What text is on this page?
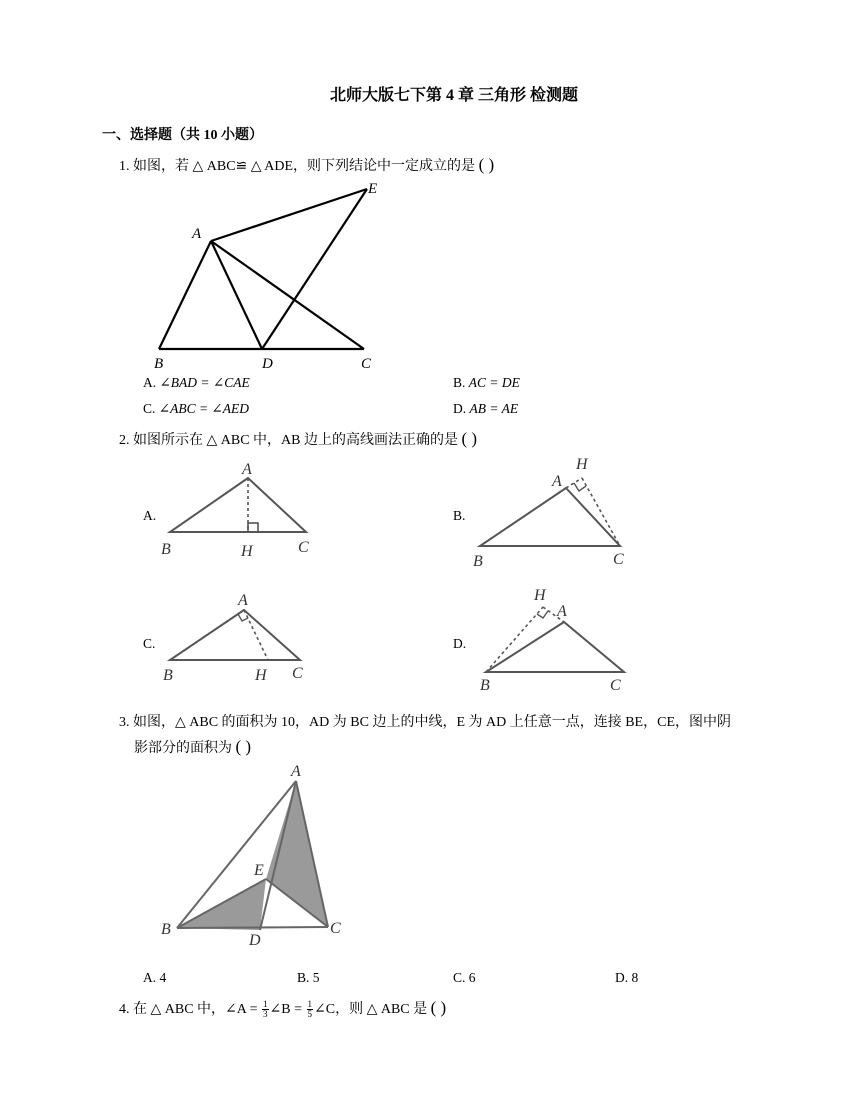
北师大版七下第 4 章 三角形 检测题
一、选择题（共 10 小题）
1. 如图，若 △ ABC≌ △ ADE，则下列结论中一定成立的是 ( )
A
B	C
D
E
A. ∠BAD = ∠CAE	B. AC = DE
C. ∠ABC = ∠AED	D. AB = AE
2. 如图所示在 △ ABC 中，AB 边上的高线画法正确的是 ( )
A.
A
B	H	C
B.
A
H
B	C
C.
A
B	H C
D.
H
A
B	C
3. 如图，△ ABC 的面积为 10，AD 为 BC 边上的中线，E 为 AD 上任意一点，连接 BE，CE，图中阴
影部分的面积为 ( )
A
E
B
D
C
A. 4	B. 5	C. 6	D. 8
4. 在 △ ABC 中，∠A = $\frac{1}{3}$ ∠B = $\frac{1}{5}$ ∠C，则 △ ABC 是 ( )
